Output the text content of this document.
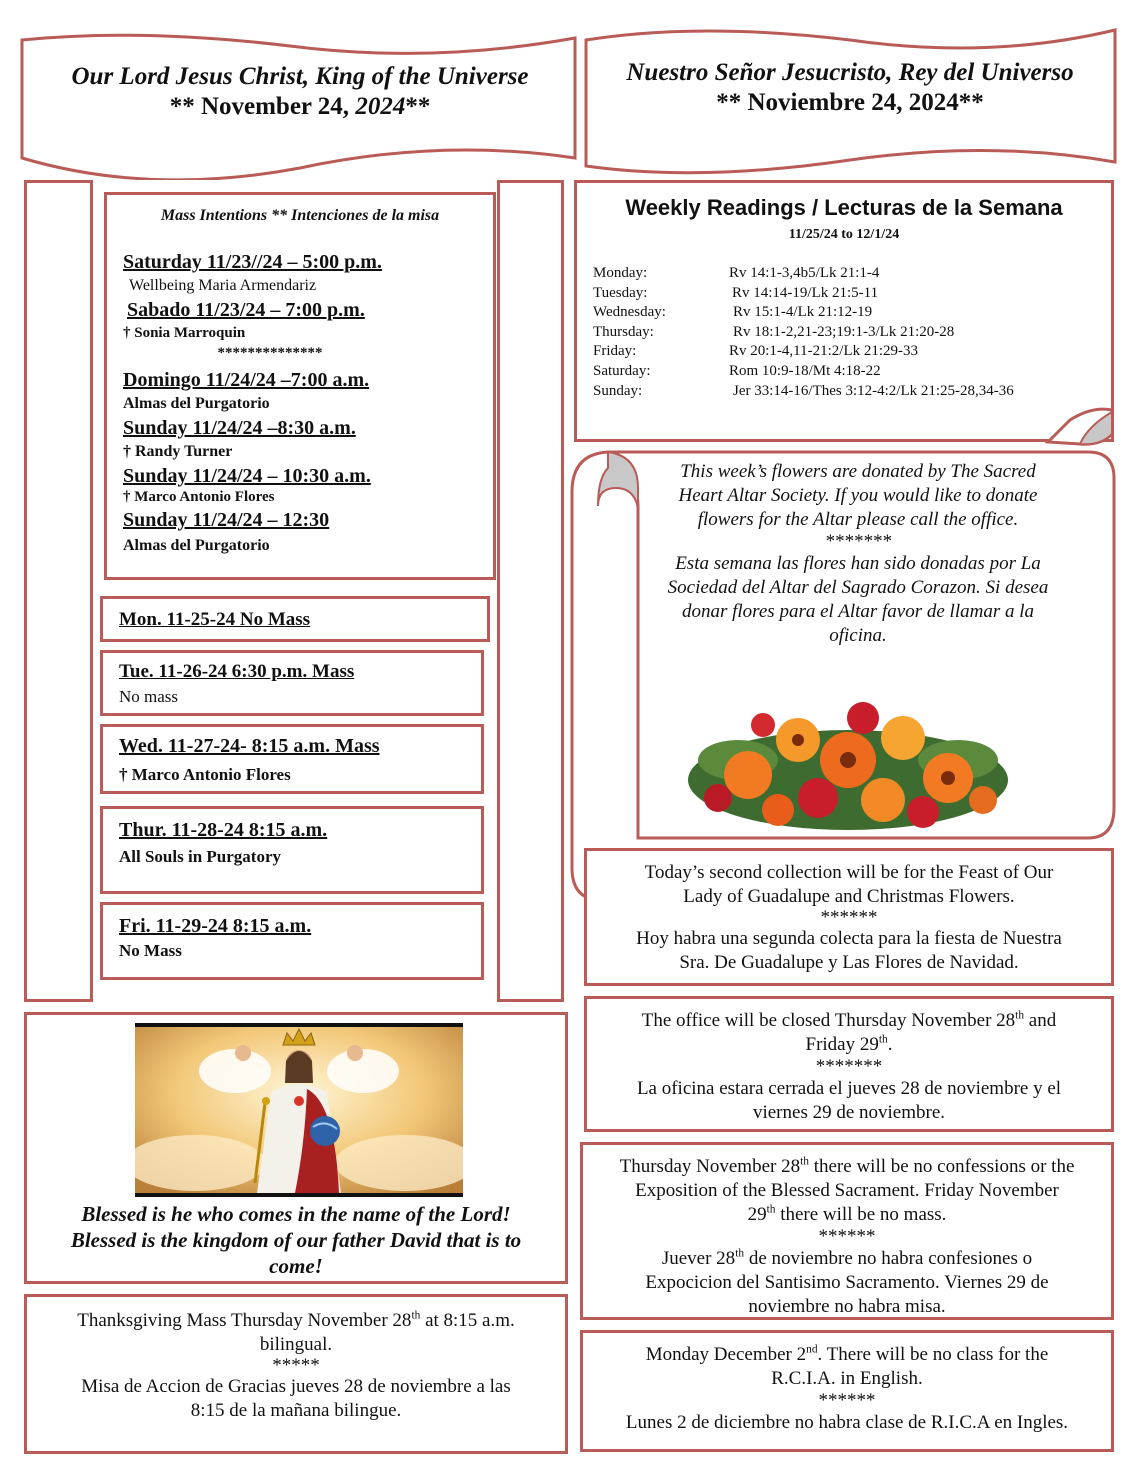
Our Lord Jesus Christ, King of the Universe
** November 24, 2024**
Nuestro Señor Jesucristo, Rey del Universo
** Noviembre 24, 2024**
Mass Intentions ** Intenciones de la misa
Saturday 11/23//24 – 5:00 p.m.
Wellbeing Maria Armendariz
Sabado 11/23/24 – 7:00 p.m.
† Sonia Marroquin
**************
Domingo 11/24/24 –7:00 a.m.
Almas del Purgatorio
Sunday 11/24/24 –8:30 a.m.
† Randy Turner
Sunday 11/24/24 – 10:30 a.m.
† Marco Antonio Flores
Sunday 11/24/24 – 12:30
Almas del Purgatorio
Mon. 11-25-24 No Mass
Tue. 11-26-24 6:30 p.m. Mass
No mass
Wed. 11-27-24- 8:15 a.m. Mass
† Marco Antonio Flores
Thur. 11-28-24 8:15 a.m.
All Souls in Purgatory
Fri. 11-29-24 8:15 a.m.
No Mass
Blessed is he who comes in the name of the Lord!
Blessed is the kingdom of our father David that is to
come!
Thanksgiving Mass Thursday November 28th at 8:15 a.m.
bilingual.
*****
Misa de Accion de Gracias jueves 28 de noviembre a las
8:15 de la mañana bilingue.
Weekly Readings / Lecturas de la Semana
11/25/24 to 12/1/24
Monday:	Rv 14:1-3,4b5/Lk 21:1-4
Tuesday:	Rv 14:14-19/Lk 21:5-11
Wednesday:	Rv 15:1-4/Lk 21:12-19
Thursday:	Rv 18:1-2,21-23;19:1-3/Lk 21:20-28
Friday:	Rv 20:1-4,11-21:2/Lk 21:29-33
Saturday:	Rom 10:9-18/Mt 4:18-22
Sunday:	Jer 33:14-16/Thes 3:12-4:2/Lk 21:25-28,34-36
This week’s flowers are donated by The Sacred
Heart Altar Society. If you would like to donate
flowers for the Altar please call the office.
*******
Esta semana las flores han sido donadas por La
Sociedad del Altar del Sagrado Corazon. Si desea
donar flores para el Altar favor de llamar a la
oficina.
Today’s second collection will be for the Feast of Our
Lady of Guadalupe and Christmas Flowers.
******
Hoy habra una segunda colecta para la fiesta de Nuestra
Sra. De Guadalupe y Las Flores de Navidad.
The office will be closed Thursday November 28th and
Friday 29th.
*******
La oficina estara cerrada el jueves 28 de noviembre y el
viernes 29 de noviembre.
Thursday November 28th there will be no confessions or the
Exposition of the Blessed Sacrament. Friday November
29th there will be no mass.
******
Juever 28th de noviembre no habra confesiones o
Expocicion del Santisimo Sacramento. Viernes 29 de
noviembre no habra misa.
Monday December 2nd. There will be no class for the
R.C.I.A. in English.
******
Lunes 2 de diciembre no habra clase de R.I.C.A en Ingles.
